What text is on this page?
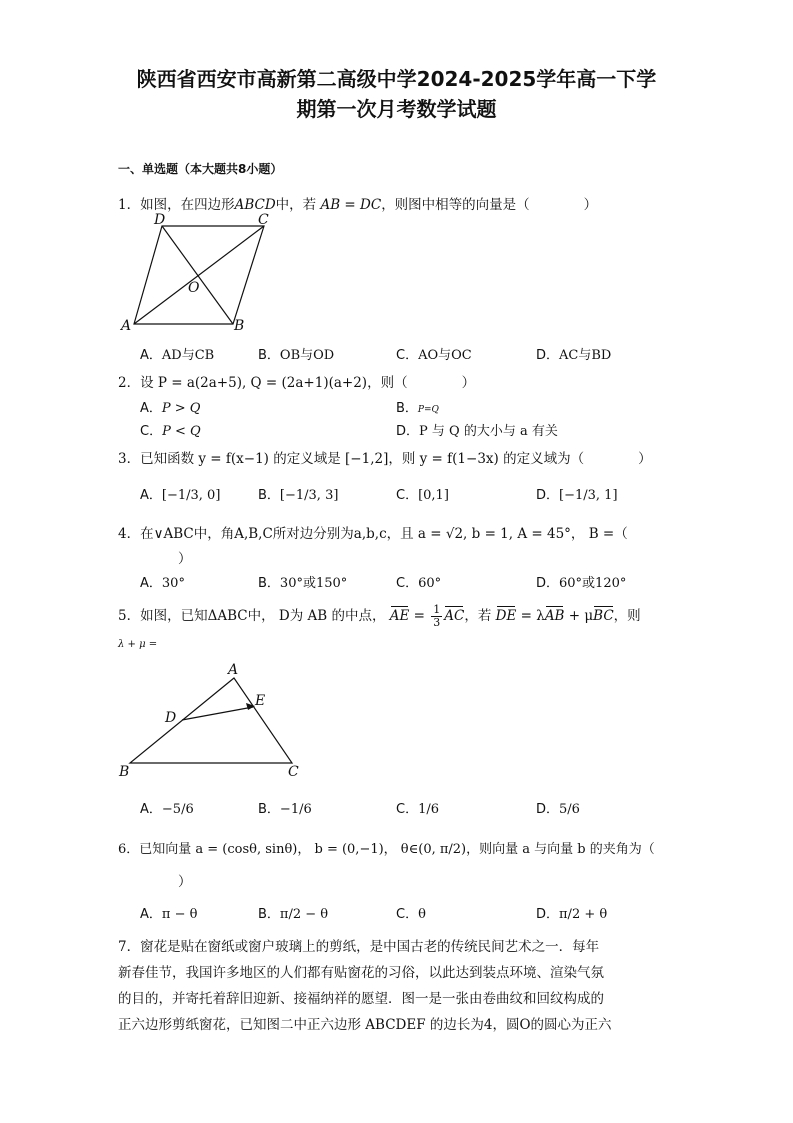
陕西省西安市高新第二高级中学2024-2025学年高一下学
期第一次月考数学试题
一、单选题（本大题共8小题）
1．如图，在四边形ABCD中，若 AB = DC，则图中相等的向量是（　　　　）
D	C
O
A	B
A．AD与CB	B．OB与OD	C．AO与OC	D．AC与BD
2．设 P = a(2a+5), Q = (2a+1)(a+2)，则（　　　　）
A．P > Q	B．P=Q
C．P < Q	D．P 与 Q 的大小与 a 有关
3．已知函数 y = f(x−1) 的定义域是 [−1,2]，则 y = f(1−3x) 的定义域为（　　　　）
A．[−1/3, 0]	B．[−1/3, 3]	C．[0,1]	D．[−1/3, 1]
4．在∨ABC中，角A,B,C所对边分别为a,b,c，且 a = √2, b = 1, A = 45°， B =（
）
A．30°	B．30°或150°	C．60°	D．60°或120°
5．如图，已知ΔABC中， D为 AB 的中点， AE = $\frac{1}{3}$ AC，若 DE = λAB + μBC，则
λ + μ =
A
E
D
B	C
A．−5/6	B．−1/6	C．1/6	D．5/6
6．已知向量 a = (cosθ, sinθ)， b = (0,−1)， θ∈(0, π/2)，则向量 a 与向量 b 的夹角为（
）
A．π − θ	B．π/2 − θ	C．θ	D．π/2 + θ
7．窗花是贴在窗纸或窗户玻璃上的剪纸，是中国古老的传统民间艺术之一．每年
新春佳节，我国许多地区的人们都有贴窗花的习俗，以此达到装点环境、渲染气氛
的目的，并寄托着辞旧迎新、接福纳祥的愿望．图一是一张由卷曲纹和回纹构成的
正六边形剪纸窗花，已知图二中正六边形 ABCDEF 的边长为4，圆O的圆心为正六
